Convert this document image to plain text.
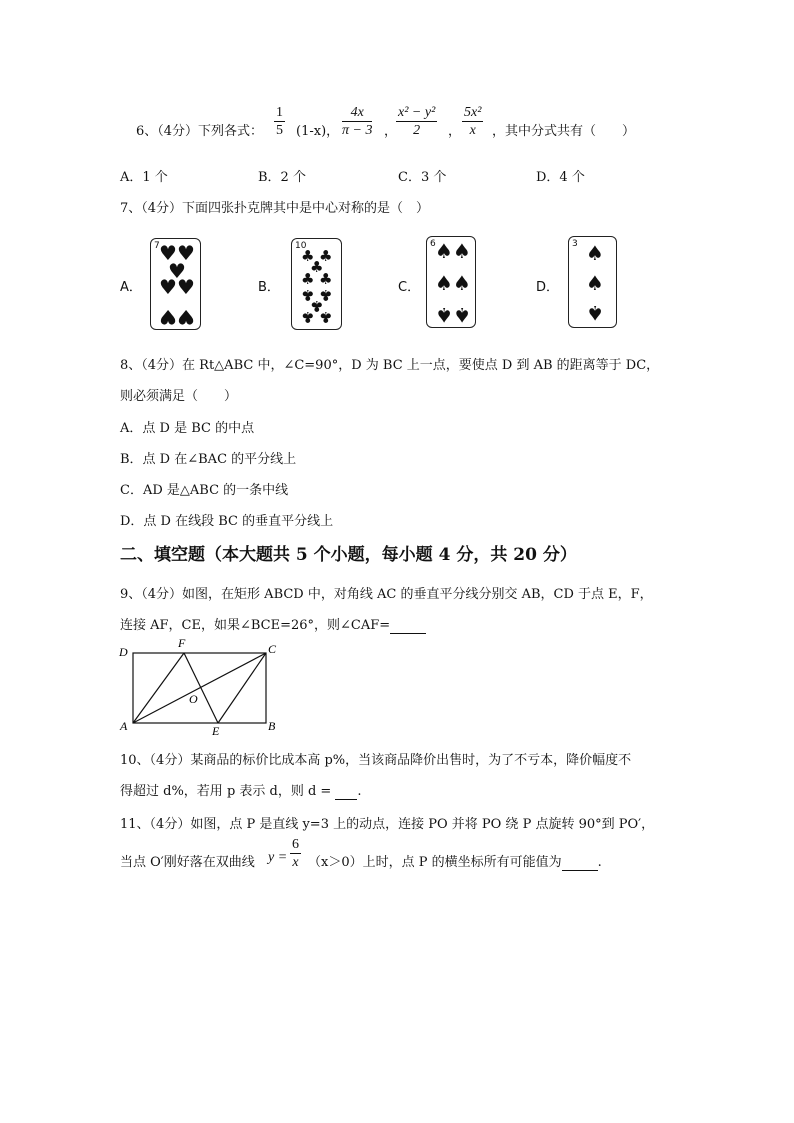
6、（4分）下列各式： $\frac{1}{5} (1-x)$， $\frac{4x}{\pi - 3}$ ，
$\frac{\text{x² − y²}}{2}$ ， $\frac{\text{5x²}}{x}$ ，其中分式共有（　　）
A．1 个	B．2 个	C．3 个	D．4 个
7、（4分）下面四张扑克牌其中是中心对称的是（　）
A．
7 ♥ ♥
♥
♥ ♥
♥ ♥
B．
10
♣ ♣
♣
♣ ♣
♣ ♣
♣
♣ ♣
C．
6 ♠ ♠
♠ ♠
♠ ♠
D．
3 ♠
♠
♠
8、（4分）在 Rt△ABC 中，∠C=90°，D 为 BC 上一点，要使点 D 到 AB 的距离等于 DC，
则必须满足（　　）
A．点 D 是 BC 的中点
B．点 D 在∠BAC 的平分线上
C．AD 是△ABC 的一条中线
D．点 D 在线段 BC 的垂直平分线上
二、填空题（本大题共 5 个小题，每小题 4 分，共 20 分）
9、（4分）如图，在矩形 ABCD 中，对角线 AC 的垂直平分线分别交 AB，CD 于点 E，F，
连接 AF，CE，如果∠BCE=26°，则∠CAF=
D
F	C
O
A	E	B
10、（4分）某商品的标价比成本高 p%，当该商品降价出售时，为了不亏本，降价幅度不
得超过 d%，若用 p 表示 d，则 d = .
11、（4分）如图，点 P 是直线 y=3 上的动点，连接 PO 并将 PO 绕 P 点旋转 90°到 PO′，
当点 O′刚好落在双曲线 $y = \frac{6}{x} (x>0)$上时，点 P 的横坐标所有可能值为	.
